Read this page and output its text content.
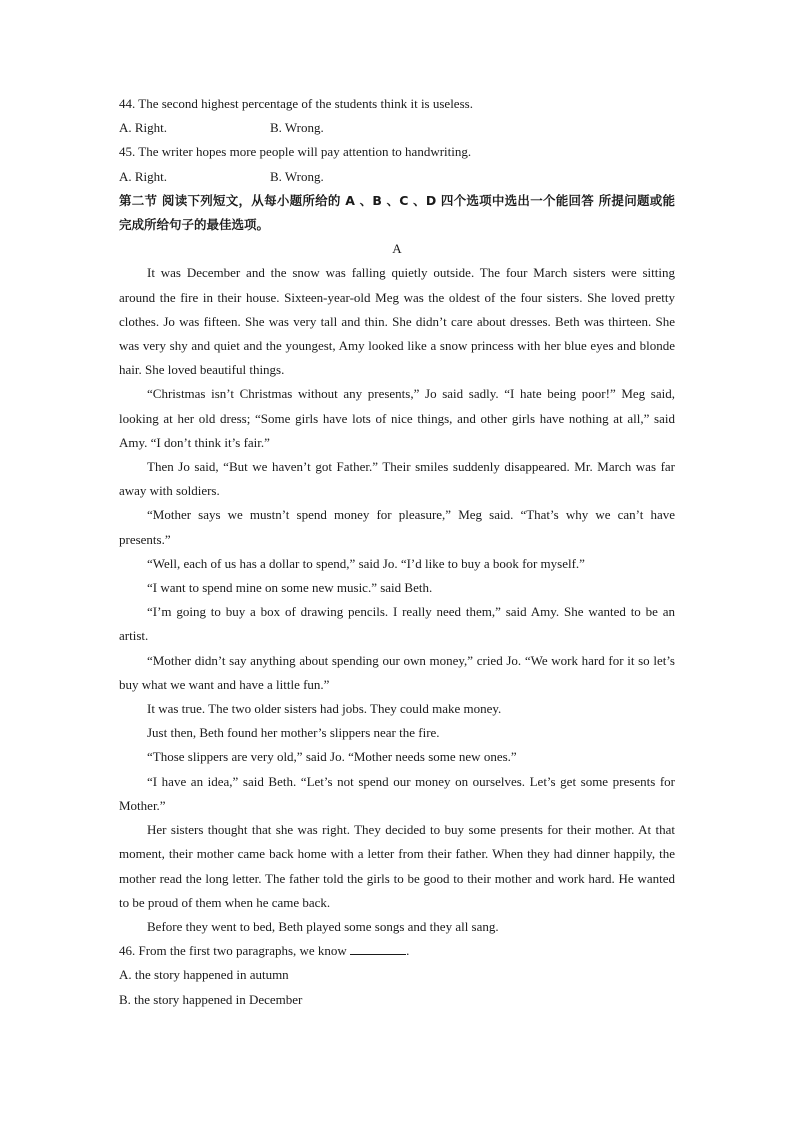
44. The second highest percentage of the students think it is useless.
A. Right.	B. Wrong.
45. The writer hopes more people will pay attention to handwriting.
A. Right.	B. Wrong.
第二节 阅读下列短文，从每小题所给的 A 、B 、C 、D 四个选项中选出一个能回答 所提问题或能完成所给句子的最佳选项。
A
It was December and the snow was falling quietly outside. The four March sisters were sitting around the fire in their house. Sixteen-year-old Meg was the oldest of the four sisters. She loved pretty clothes. Jo was fifteen. She was very tall and thin. She didn’t care about dresses. Beth was thirteen. She was very shy and quiet and the youngest, Amy looked like a snow princess with her blue eyes and blonde hair. She loved beautiful things.
“Christmas isn’t Christmas without any presents,” Jo said sadly. “I hate being poor!” Meg said, looking at her old dress; “Some girls have lots of nice things, and other girls have nothing at all,” said Amy. “I don’t think it’s fair.”
Then Jo said, “But we haven’t got Father.” Their smiles suddenly disappeared. Mr. March was far away with soldiers.
“Mother says we mustn’t spend money for pleasure,” Meg said. “That’s why we can’t have presents.”
“Well, each of us has a dollar to spend,” said Jo. “I’d like to buy a book for myself.”
“I want to spend mine on some new music.” said Beth.
“I’m going to buy a box of drawing pencils. I really need them,” said Amy. She wanted to be an artist.
“Mother didn’t say anything about spending our own money,” cried Jo. “We work hard for it so let’s buy what we want and have a little fun.”
It was true. The two older sisters had jobs. They could make money.
Just then, Beth found her mother’s slippers near the fire.
“Those slippers are very old,” said Jo. “Mother needs some new ones.”
“I have an idea,” said Beth. “Let’s not spend our money on ourselves. Let’s get some presents for Mother.”
Her sisters thought that she was right. They decided to buy some presents for their mother. At that moment, their mother came back home with a letter from their father. When they had dinner happily, the mother read the long letter. The father told the girls to be good to their mother and work hard. He wanted to be proud of them when he came back.
Before they went to bed, Beth played some songs and they all sang.
46. From the first two paragraphs, we know	.
A. the story happened in autumn
B. the story happened in December
